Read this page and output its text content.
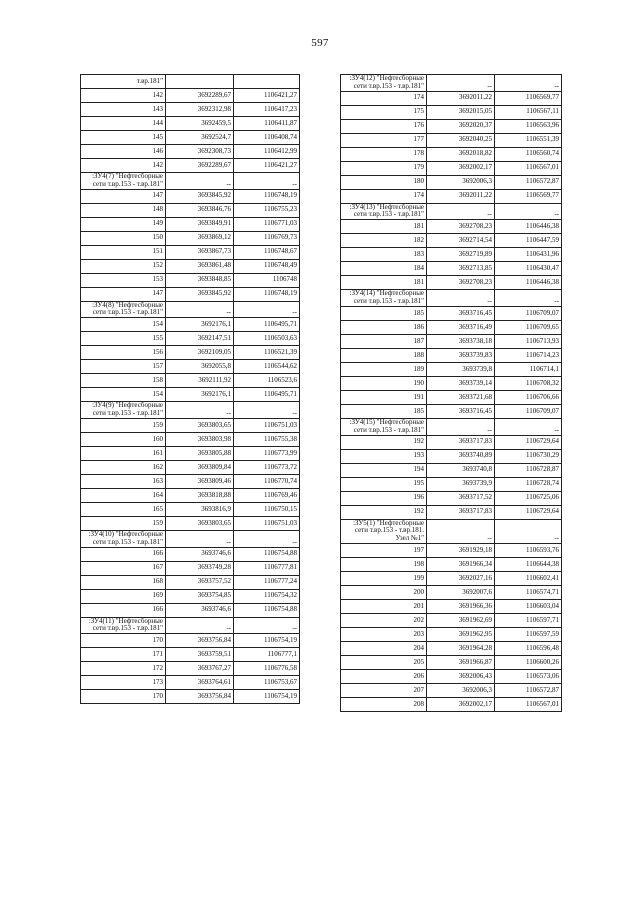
597
т.вр.181"		
142	3692289,67	1106421,27
143	3692312,98	1106417,23
144	3692459,5	1106411,87
145	3692524,7	1106408,74
146	3692308,73	1106412,99
142	3692289,67	1106421,27
:ЗУ4(7) "Нефтесборные сети т.вр.153 - т.вр.181"	--	--
147	3693845,92	1106748,19
148	3693846,76	1106755,23
149	3693849,91	1106771,03
150	3693869,12	1106769,73
151	3693867,73	1106748,67
152	3693861,48	1106748,49
153	3693848,85	1106748
147	3693845,92	1106748,19
:ЗУ4(8) "Нефтесборные сети т.вр.153 - т.вр.181"	--	--
154	3692176,1	1106495,71
155	3692147,51	1106503,63
156	3692109,05	1106521,39
157	3692055,8	1106544,62
158	3692111,92	1106523,6
154	3692176,1	1106495,71
:ЗУ4(9) "Нефтесборные сети т.вр.153 - т.вр.181"	--	--
159	3693803,65	1106751,03
160	3693803,98	1106755,38
161	3693805,88	1106773,99
162	3693809,84	1106773,72
163	3693809,46	1106770,74
164	3693818,88	1106769,46
165	3693816,9	1106750,15
159	3693803,65	1106751,03
:ЗУ4(10) "Нефтесборные сети т.вр.153 - т.вр.181"	--	--
166	3693746,6	1106754,88
167	3693749,28	1106777,81
168	3693757,52	1106777,24
169	3693754,85	1106754,32
166	3693746,6	1106754,88
:ЗУ4(11) "Нефтесборные сети т.вр.153 - т.вр.181"	--	--
170	3693756,84	1106754,19
171	3693759,51	1106777,1
172	3693767,27	1106776,58
173	3693764,61	1106753,67
170	3693756,84	1106754,19
:ЗУ4(12) "Нефтесборные сети т.вр.153 - т.вр.181"	--	--
174	3692011,22	1106569,77
175	3692015,05	1106567,11
176	3692020,37	1106563,96
177	3692040,25	1106551,39
178	3692018,82	1106560,74
179	3692002,17	1106567,01
180	3692006,3	1106572,87
174	3692011,22	1106569,77
:ЗУ4(13) "Нефтесборные сети т.вр.153 - т.вр.181"	--	--
181	3692708,23	1106446,38
182	3692714,54	1106447,59
183	3692719,89	1106431,96
184	3692713,85	1106430,47
181	3692708,23	1106446,38
:ЗУ4(14) "Нефтесборные сети т.вр.153 - т.вр.181"	--	--
185	3693716,45	1106709,07
186	3693716,49	1106709,65
187	3693738,18	1106713,93
188	3693739,83	1106714,23
189	3693739,8	1106714,1
190	3693739,14	1106708,32
191	3693721,68	1106706,66
185	3693716,45	1106709,07
:ЗУ4(15) "Нефтесборные сети т.вр.153 - т.вр.181"	--	--
192	3693717,83	1106729,64
193	3693740,89	1106730,29
194	3693740,8	1106728,87
195	3693739,9	1106728,74
196	3693717,52	1106725,06
192	3693717,83	1106729,64
:ЗУ5(1) "Нефтесборные сети т.вр.153 - т.вр.181. Узел №1"	--	--
197	3691929,18	1106593,76
198	3691966,34	1106644,38
199	3692027,16	1106602,41
200	3692007,6	1106574,71
201	3691966,36	1106603,04
202	3691962,69	1106597,71
203	3691962,95	1106597,59
204	3691964,28	1106596,48
205	3691966,87	1106600,26
206	3692006,43	1106573,06
207	3692006,3	1106572,87
208	3692002,17	1106567,01
